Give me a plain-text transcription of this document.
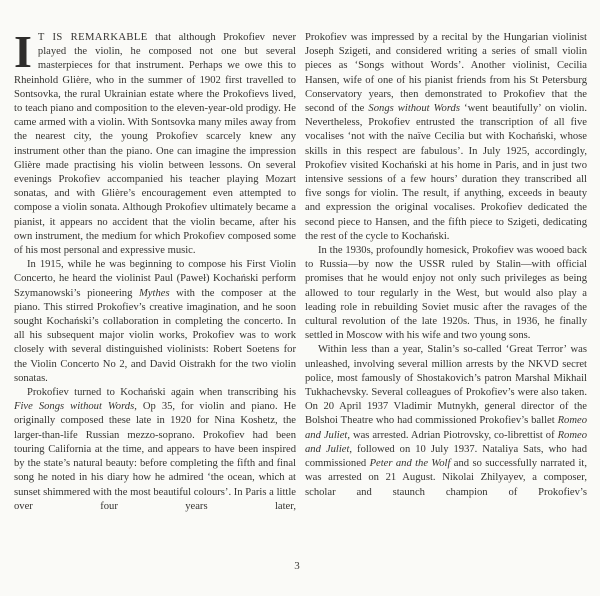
I T IS REMARKABLE that although Prokofiev never played the violin, he composed not one but several masterpieces for that instrument. Perhaps we owe this to Rheinhold Glière, who in the summer of 1902 first travelled to Sontsovka, the rural Ukrainian estate where the Prokofievs lived, to teach piano and composition to the eleven-year-old prodigy. He came armed with a violin. With Sontsovka many miles away from the nearest city, the young Prokofiev scarcely knew any instrument other than the piano. One can imagine the impression Glière made practising his violin between lessons. On several evenings Prokofiev accompanied his teacher playing Mozart sonatas, and with Glière’s encouragement even attempted to compose a violin sonata. Although Prokofiev ultimately became a pianist, it appears no accident that the violin became, after his own instrument, the medium for which Prokofiev composed some of his most personal and expressive music.

In 1915, while he was beginning to compose his First Violin Concerto, he heard the violinist Paul (Paweł) Kochański perform Szymanowski’s pioneering Mythes with the composer at the piano. This stirred Prokofiev’s creative imagination, and he soon sought Kochański’s collaboration in completing the concerto. In all his subsequent major violin works, Prokofiev was to work closely with several distinguished violinists: Robert Soetens for the Violin Concerto No 2, and David Oistrakh for the two violin sonatas.

Prokofiev turned to Kochański again when transcribing his Five Songs without Words, Op 35, for violin and piano. He originally composed these late in 1920 for Nina Koshetz, the larger-than-life Russian mezzo-soprano. Prokofiev had been touring California at the time, and appears to have been inspired by the state’s natural beauty: before completing the fifth and final song he noted in his diary how he admired ‘the ocean, which at sunset shimmered with the most beautiful colours’. In Paris a little over four years later,

Prokofiev was impressed by a recital by the Hungarian violinist Joseph Szigeti, and considered writing a series of small violin pieces as ‘Songs without Words’. Another violinist, Cecilia Hansen, wife of one of his pianist friends from his St Petersburg Conservatory years, then demonstrated to Prokofiev that the second of the Songs without Words ‘went beautifully’ on violin. Nevertheless, Prokofiev entrusted the transcription of all five vocalises ‘not with the naïve Cecilia but with Kochański, whose skills in this respect are fabulous’. In July 1925, accordingly, Prokofiev visited Kochański at his home in Paris, and in just two intensive sessions of a few hours’ duration they transcribed all five songs for violin. The result, if anything, exceeds in beauty and expression the original vocalises. Prokofiev dedicated the second piece to Hansen, and the fifth piece to Szigeti, dedicating the rest of the cycle to Kochański.

In the 1930s, profoundly homesick, Prokofiev was wooed back to Russia—by now the USSR ruled by Stalin—with official promises that he would enjoy not only such privileges as being allowed to tour regularly in the West, but would also play a leading role in rebuilding Soviet music after the ravages of the cultural revolution of the late 1920s. Thus, in 1936, he finally settled in Moscow with his wife and two young sons.

Within less than a year, Stalin’s so-called ‘Great Terror’ was unleashed, involving several million arrests by the NKVD secret police, most famously of Shostakovich’s patron Marshal Mikhail Tukhachevsky. Several colleagues of Prokofiev’s were also taken. On 20 April 1937 Vladimir Mutnykh, general director of the Bolshoi Theatre who had commissioned Prokofiev’s ballet Romeo and Juliet, was arrested. Adrian Piotrovsky, co-librettist of Romeo and Juliet, followed on 10 July 1937. Nataliya Sats, who had commissioned Peter and the Wolf and so successfully narrated it, was arrested on 21 August. Nikolai Zhilyayev, a composer, scholar and staunch champion of Prokofiev’s

3
